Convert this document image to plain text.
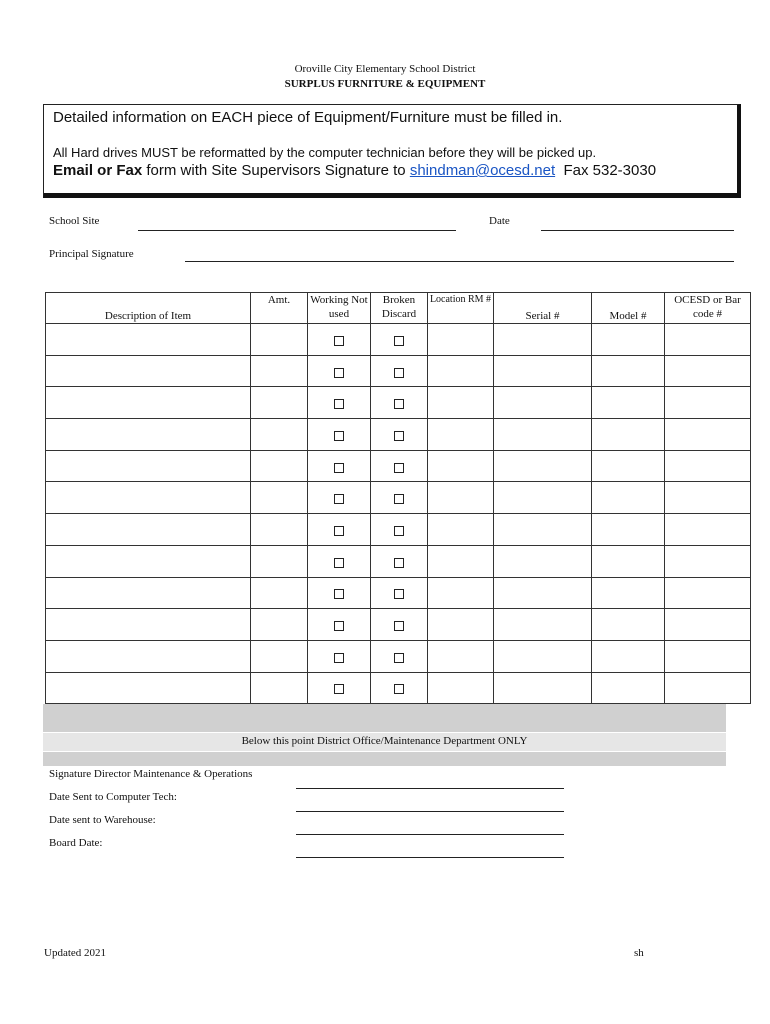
Oroville City Elementary School District
SURPLUS FURNITURE & EQUIPMENT
Detailed information on EACH piece of Equipment/Furniture must be filled in.
All Hard drives MUST be reformatted by the computer technician before they will be picked up.
Email or Fax form with Site Supervisors Signature to shindman@ocesd.net Fax 532-3030
School Site	Date
Principal Signature
Description of Item	Amt.	Working Not used	Broken Discard	Location RM #	Serial #	Model #	OCESD or Bar code #

Below this point District Office/Maintenance Department ONLY
Signature Director Maintenance & Operations
Date Sent to Computer Tech:
Date sent to Warehouse:
Board Date:
Updated 2021	sh
